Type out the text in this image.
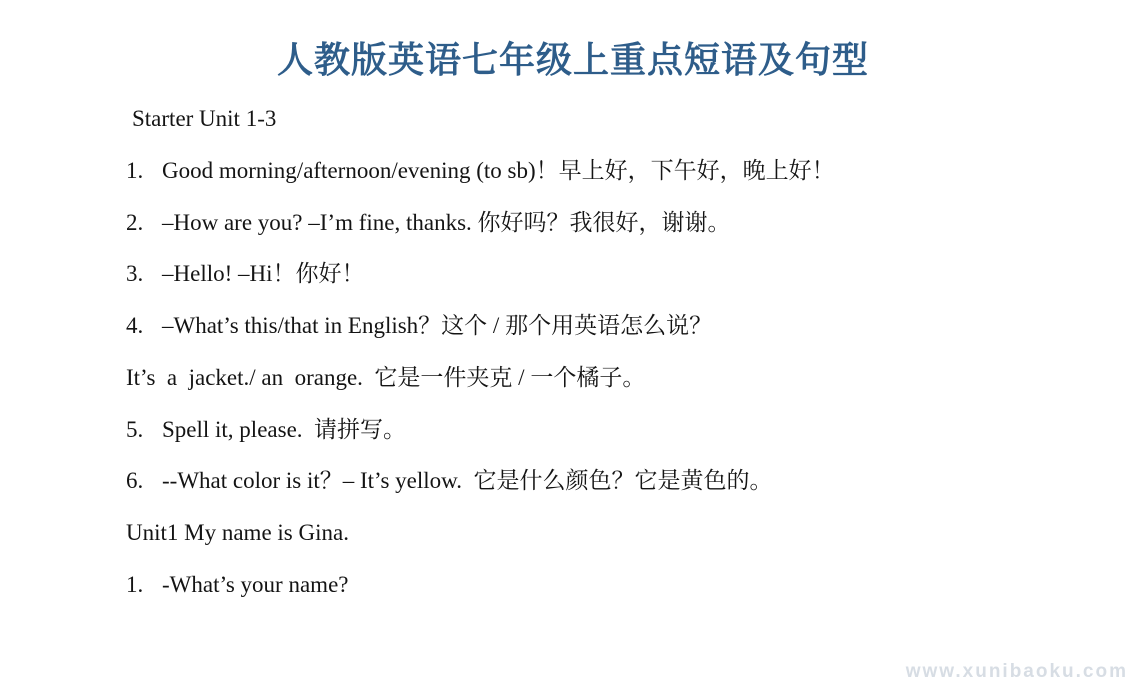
人教版英语七年级上重点短语及句型
Starter Unit 1-3
1. Good morning/afternoon/evening (to sb)！早上好，下午好，晚上好！
2. –How are you? –I’m fine, thanks. 你好吗？我很好，谢谢。
3. –Hello! –Hi！你好！
4. –What’s this/that in English？这个 / 那个用英语怎么说？
It’s  a  jacket./ an  orange.  它是一件夹克 / 一个橘子。
5. Spell it, please.  请拼写。
6. --What color is it？– It’s yellow.  它是什么颜色？它是黄色的。
Unit1 My name is Gina.
1. -What’s your name?
www.xunibaoku.com
